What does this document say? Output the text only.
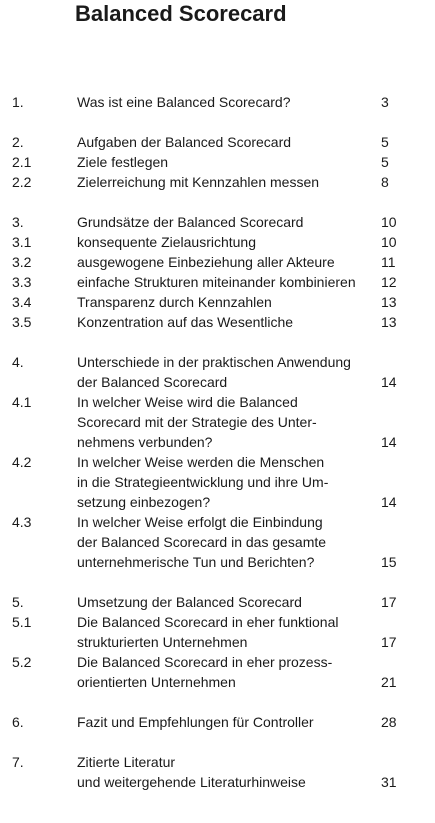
Balanced Scorecard
1.	Was ist eine Balanced Scorecard?	3
2.	Aufgaben der Balanced Scorecard	5
2.1	Ziele festlegen	5
2.2	Zielerreichung mit Kennzahlen messen	8
3.	Grundsätze der Balanced Scorecard	10
3.1	konsequente Zielausrichtung	10
3.2	ausgewogene Einbeziehung aller Akteure	11
3.3	einfache Strukturen miteinander kombinieren	12
3.4	Transparenz durch Kennzahlen	13
3.5	Konzentration auf das Wesentliche	13
4.	Unterschiede in der praktischen Anwendung
der Balanced Scorecard	14
4.1	In welcher Weise wird die Balanced
Scorecard mit der Strategie des Unter-
nehmens verbunden?	14
4.2	In welcher Weise werden die Menschen
in die Strategieentwicklung und ihre Um-
setzung einbezogen?	14
4.3	In welcher Weise erfolgt die Einbindung
der Balanced Scorecard in das gesamte
unternehmerische Tun und Berichten?	15
5.	Umsetzung der Balanced Scorecard	17
5.1	Die Balanced Scorecard in eher funktional
strukturierten Unternehmen	17
5.2	Die Balanced Scorecard in eher prozess-
orientierten Unternehmen	21
6.	Fazit und Empfehlungen für Controller	28
7.	Zitierte Literatur
und weitergehende Literaturhinweise	31
